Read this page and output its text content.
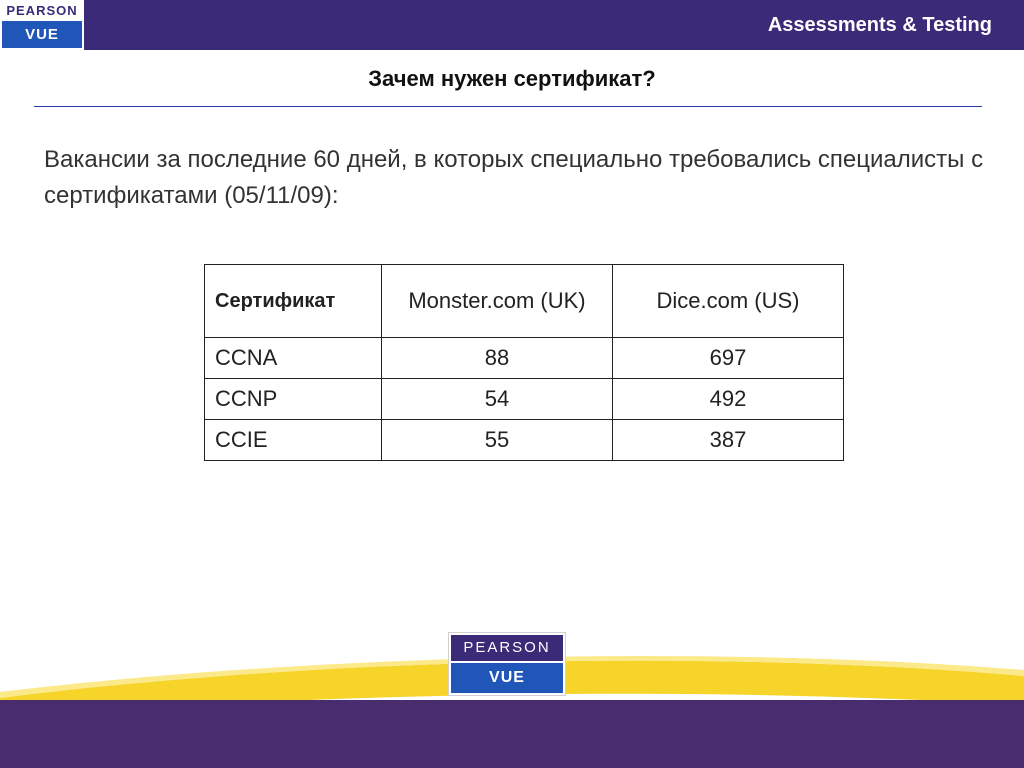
PEARSON
VUE	Assessments & Testing
Зачем нужен сертификат?
Вакансии за последние 60 дней, в которых специально требовались специалисты с сертификатами (05/11/09):
Сертификат	Monster.com (UK)	Dice.com (US)
CCNA	88	697
CCNP	54	492
CCIE	55	387
PEARSON
VUE
